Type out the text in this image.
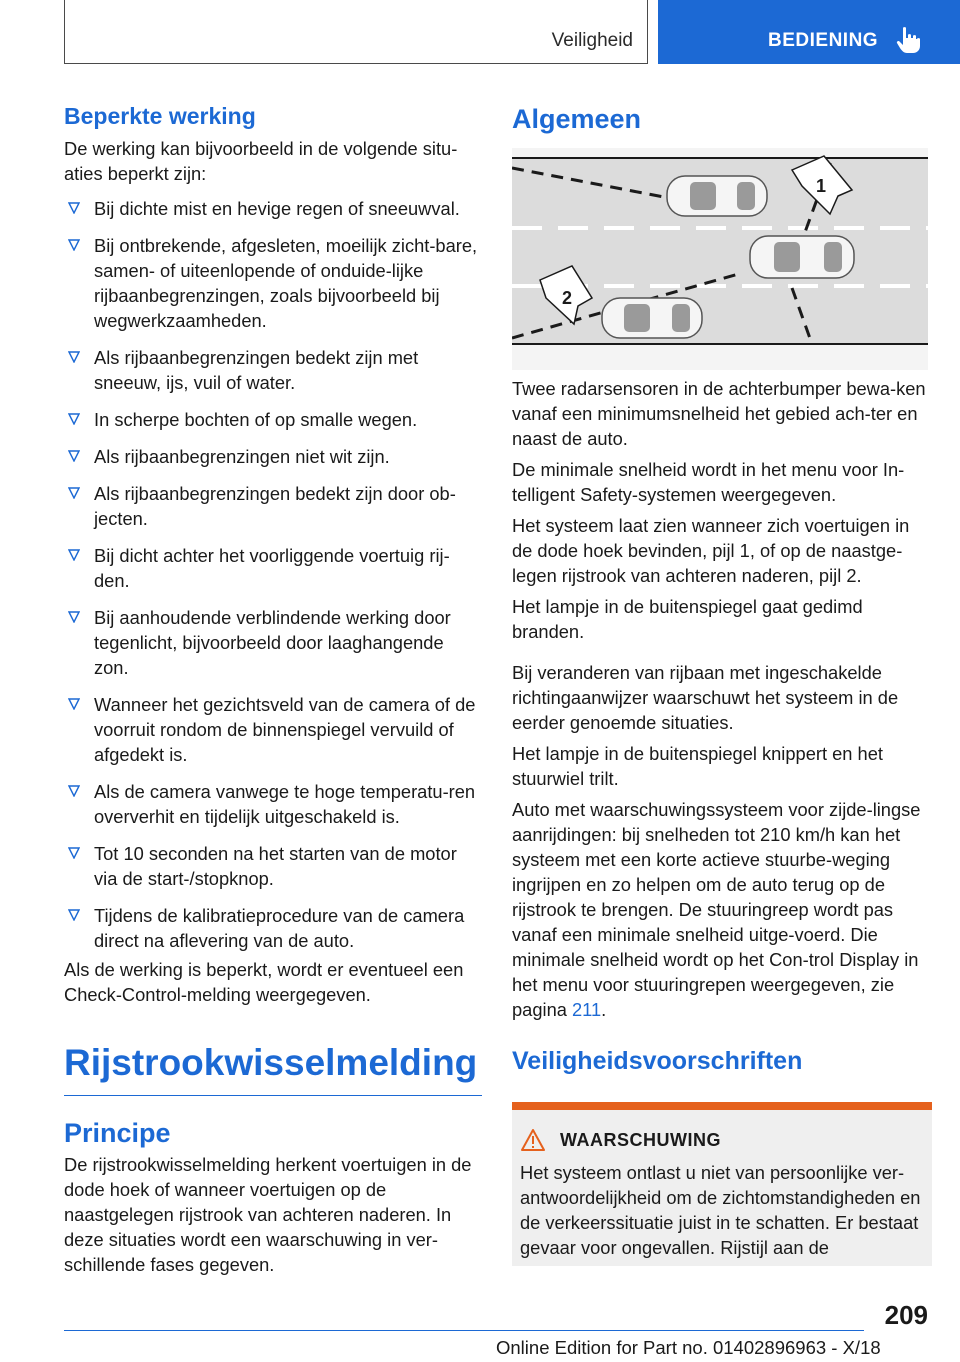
Veiligheid	BEDIENING
Beperkte werking

De werking kan bijvoorbeeld in de volgende situ‐aties beperkt zijn:

Bij dichte mist en hevige regen of sneeuwval.
Bij ontbrekende, afgesleten, moeilijk zicht‐bare, samen- of uiteenlopende of onduide‐lijke rijbaanbegrenzingen, zoals bijvoorbeeld bij wegwerkzaamheden.
Als rijbaanbegrenzingen bedekt zijn met sneeuw, ijs, vuil of water.
In scherpe bochten of op smalle wegen.
Als rijbaanbegrenzingen niet wit zijn.
Als rijbaanbegrenzingen bedekt zijn door ob‐jecten.
Bij dicht achter het voorliggende voertuig rij‐den.
Bij aanhoudende verblindende werking door tegenlicht, bijvoorbeeld door laaghangende zon.
Wanneer het gezichtsveld van de camera of de voorruit rondom de binnenspiegel vervuild of afgedekt is.
Als de camera vanwege te hoge temperatu‐ren oververhit en tijdelijk uitgeschakeld is.
Tot 10 seconden na het starten van de motor via de start-/stopknop.
Tijdens de kalibratieprocedure van de camera direct na aflevering van de auto.

Als de werking is beperkt, wordt er eventueel een Check-Control-melding weergegeven.

Rijstrookwisselmelding
Principe

De rijstrookwisselmelding herkent voertuigen in de dode hoek of wanneer voertuigen op de naastgelegen rijstrook van achteren naderen. In deze situaties wordt een waarschuwing in ver‐schillende fases gegeven.

Algemeen
1
2

Twee radarsensoren in de achterbumper bewa‐ken vanaf een minimumsnelheid het gebied ach‐ter en naast de auto.

De minimale snelheid wordt in het menu voor In‐telligent Safety-systemen weergegeven.

Het systeem laat zien wanneer zich voertuigen in de dode hoek bevinden, pijl 1, of op de naastge‐legen rijstrook van achteren naderen, pijl 2.

Het lampje in de buitenspiegel gaat gedimd branden.

Bij veranderen van rijbaan met ingeschakelde richtingaanwijzer waarschuwt het systeem in de eerder genoemde situaties.

Het lampje in de buitenspiegel knippert en het stuurwiel trilt.

Auto met waarschuwingssysteem voor zijde‐lingse aanrijdingen: bij snelheden tot 210 km/h kan het systeem met een korte actieve stuurbe‐weging ingrijpen en zo helpen om de auto terug op de rijstrook te brengen. De stuuringreep wordt pas vanaf een minimale snelheid uitge‐voerd. Die minimale snelheid wordt op het Con‐trol Display in het menu voor stuuringrepen weergegeven, zie pagina 211.

Veiligheidsvoorschriften
WAARSCHUWING

Het systeem ontlast u niet van persoonlijke ver‐antwoordelijkheid om de zichtomstandigheden en de verkeerssituatie juist in te schatten. Er bestaat gevaar voor ongevallen. Rijstijl aan de

209
Online Edition for Part no. 01402896963 - X/18
